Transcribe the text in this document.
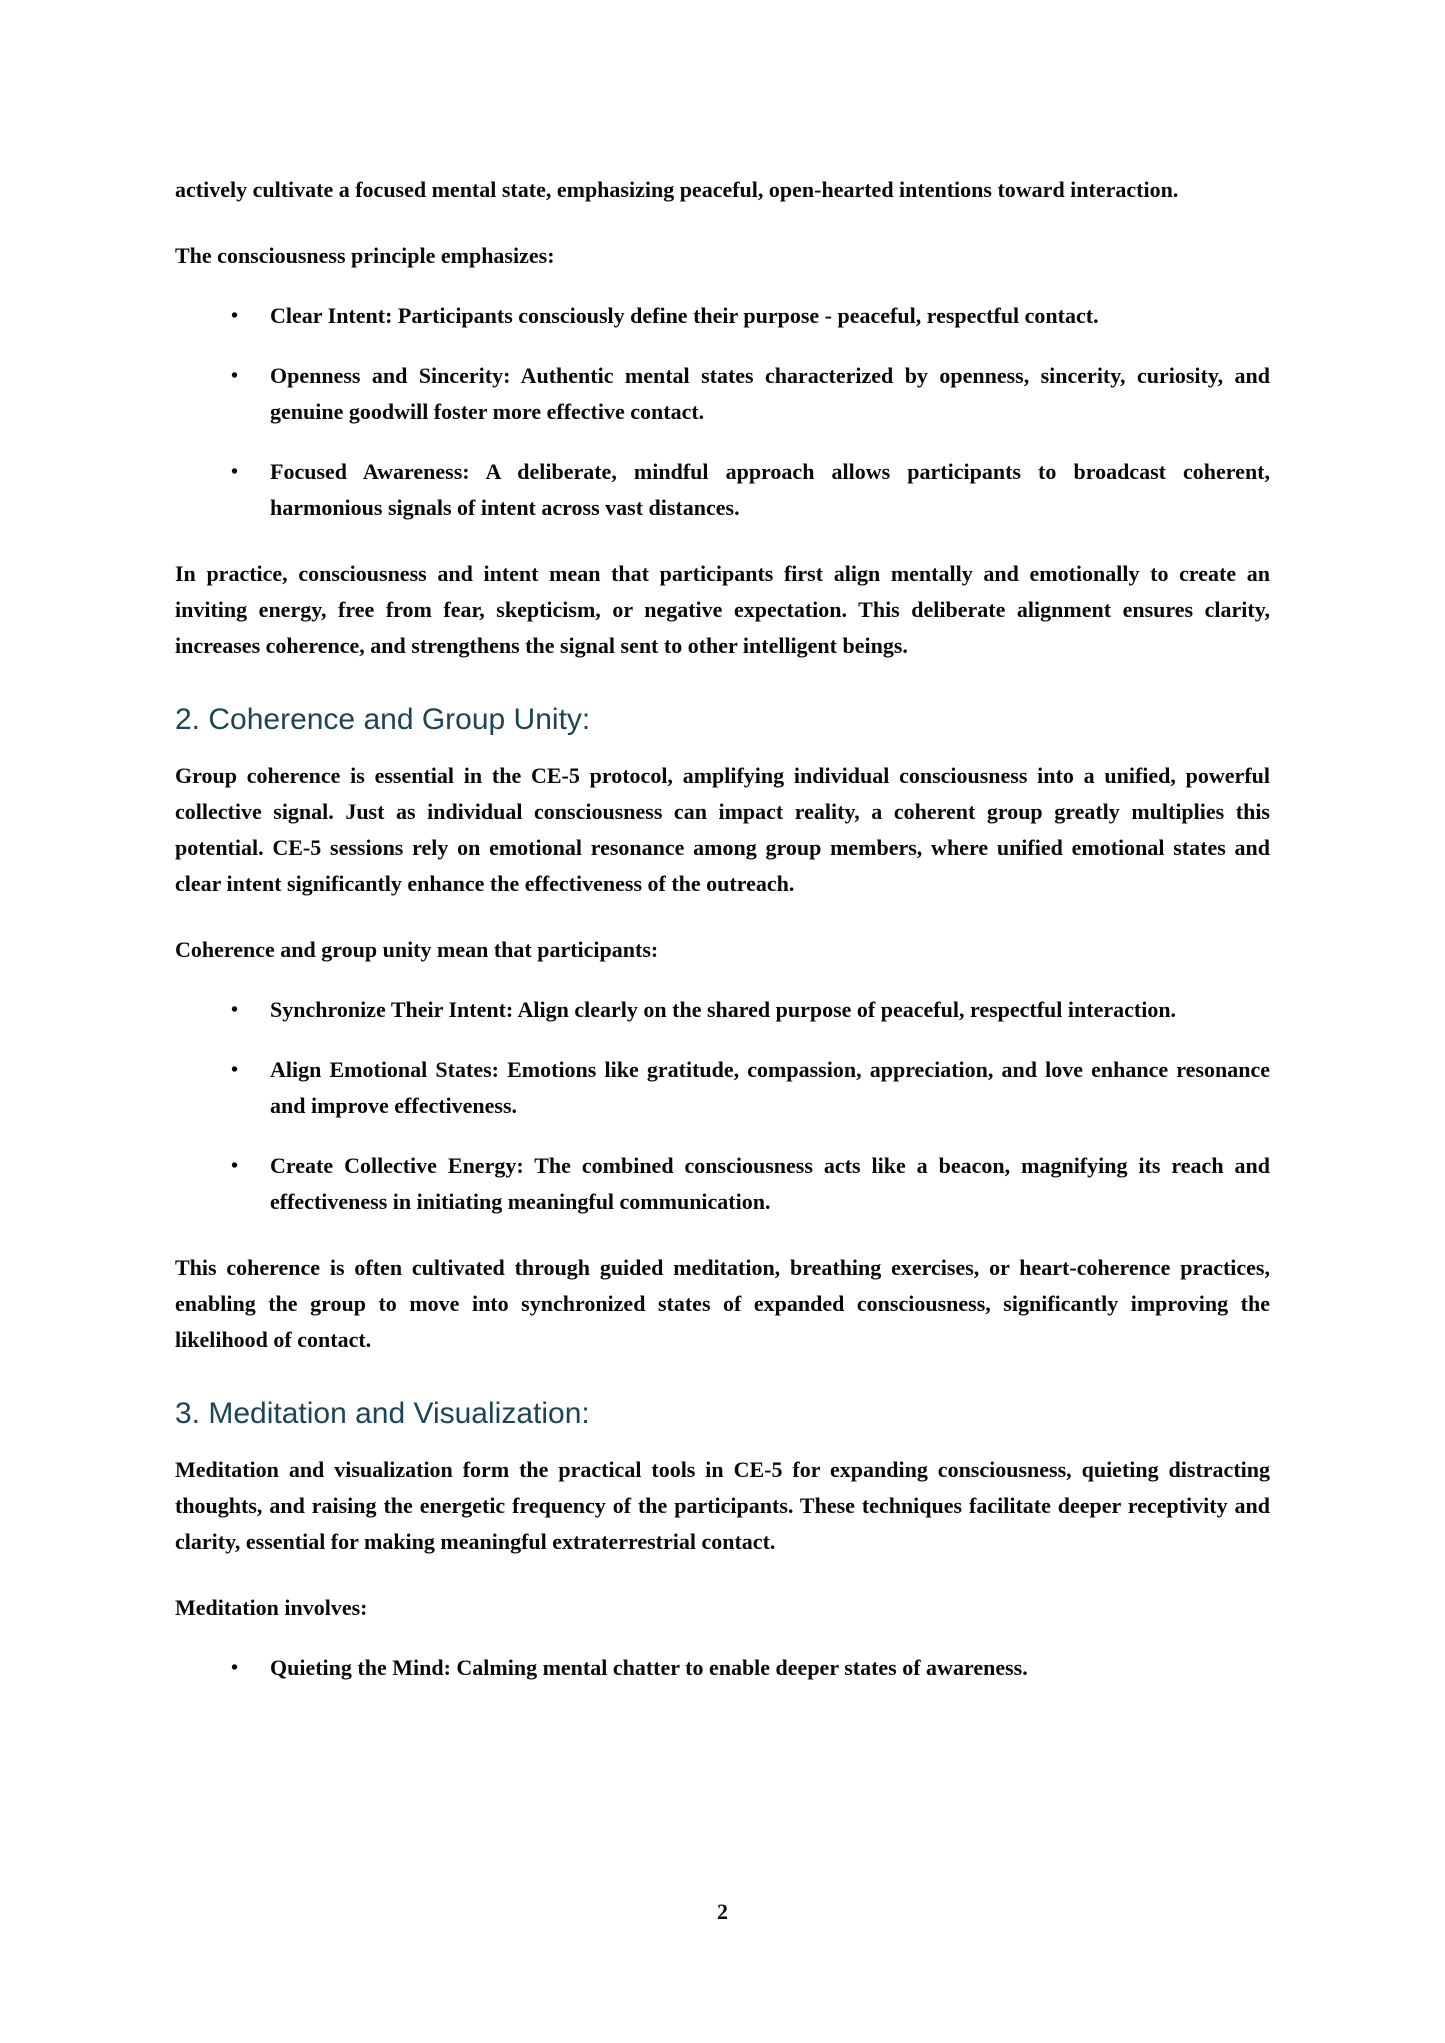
actively cultivate a focused mental state, emphasizing peaceful, open-hearted intentions toward interaction.

The consciousness principle emphasizes:

• Clear Intent: Participants consciously define their purpose - peaceful, respectful contact.
• Openness and Sincerity: Authentic mental states characterized by openness, sincerity, curiosity, and genuine goodwill foster more effective contact.
• Focused Awareness: A deliberate, mindful approach allows participants to broadcast coherent, harmonious signals of intent across vast distances.

In practice, consciousness and intent mean that participants first align mentally and emotionally to create an inviting energy, free from fear, skepticism, or negative expectation. This deliberate alignment ensures clarity, increases coherence, and strengthens the signal sent to other intelligent beings.

2. Coherence and Group Unity:

Group coherence is essential in the CE-5 protocol, amplifying individual consciousness into a unified, powerful collective signal. Just as individual consciousness can impact reality, a coherent group greatly multiplies this potential. CE-5 sessions rely on emotional resonance among group members, where unified emotional states and clear intent significantly enhance the effectiveness of the outreach.

Coherence and group unity mean that participants:

• Synchronize Their Intent: Align clearly on the shared purpose of peaceful, respectful interaction.
• Align Emotional States: Emotions like gratitude, compassion, appreciation, and love enhance resonance and improve effectiveness.
• Create Collective Energy: The combined consciousness acts like a beacon, magnifying its reach and effectiveness in initiating meaningful communication.

This coherence is often cultivated through guided meditation, breathing exercises, or heart-coherence practices, enabling the group to move into synchronized states of expanded consciousness, significantly improving the likelihood of contact.

3. Meditation and Visualization:

Meditation and visualization form the practical tools in CE-5 for expanding consciousness, quieting distracting thoughts, and raising the energetic frequency of the participants. These techniques facilitate deeper receptivity and clarity, essential for making meaningful extraterrestrial contact.

Meditation involves:

• Quieting the Mind: Calming mental chatter to enable deeper states of awareness.
2
